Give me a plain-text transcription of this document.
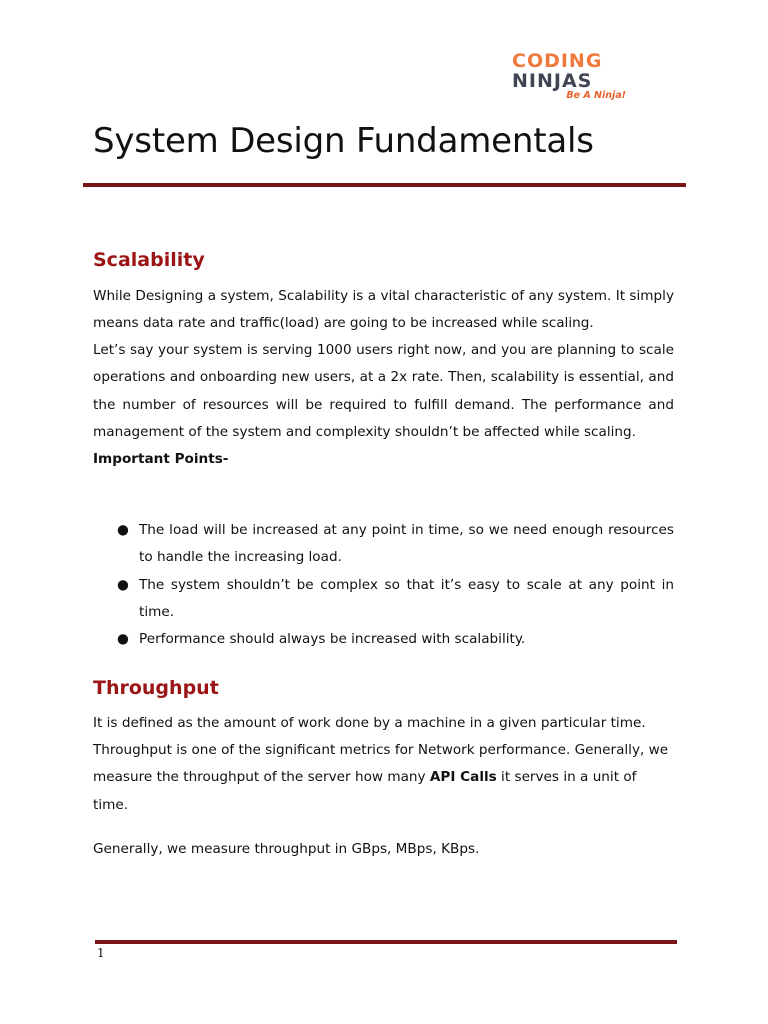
CODING
NINJAS
Be A Ninja!
System Design Fundamentals
Scalability

While Designing a system, Scalability is a vital characteristic of any system. It simply means data rate and traffic(load) are going to be increased while scaling.

Let’s say your system is serving 1000 users right now, and you are planning to scale operations and onboarding new users, at a 2x rate. Then, scalability is essential, and the number of resources will be required to fulfill demand. The performance and management of the system and complexity shouldn’t be affected while scaling.

Important Points-

● The load will be increased at any point in time, so we need enough resources to handle the increasing load.
● The system shouldn’t be complex so that it’s easy to scale at any point in time.
● Performance should always be increased with scalability.
Throughput

It is defined as the amount of work done by a machine in a given particular time.

Throughput is one of the significant metrics for Network performance. Generally, we measure the throughput of the server how many API Calls it serves in a unit of time.

Generally, we measure throughput in GBps, MBps, KBps.

1
